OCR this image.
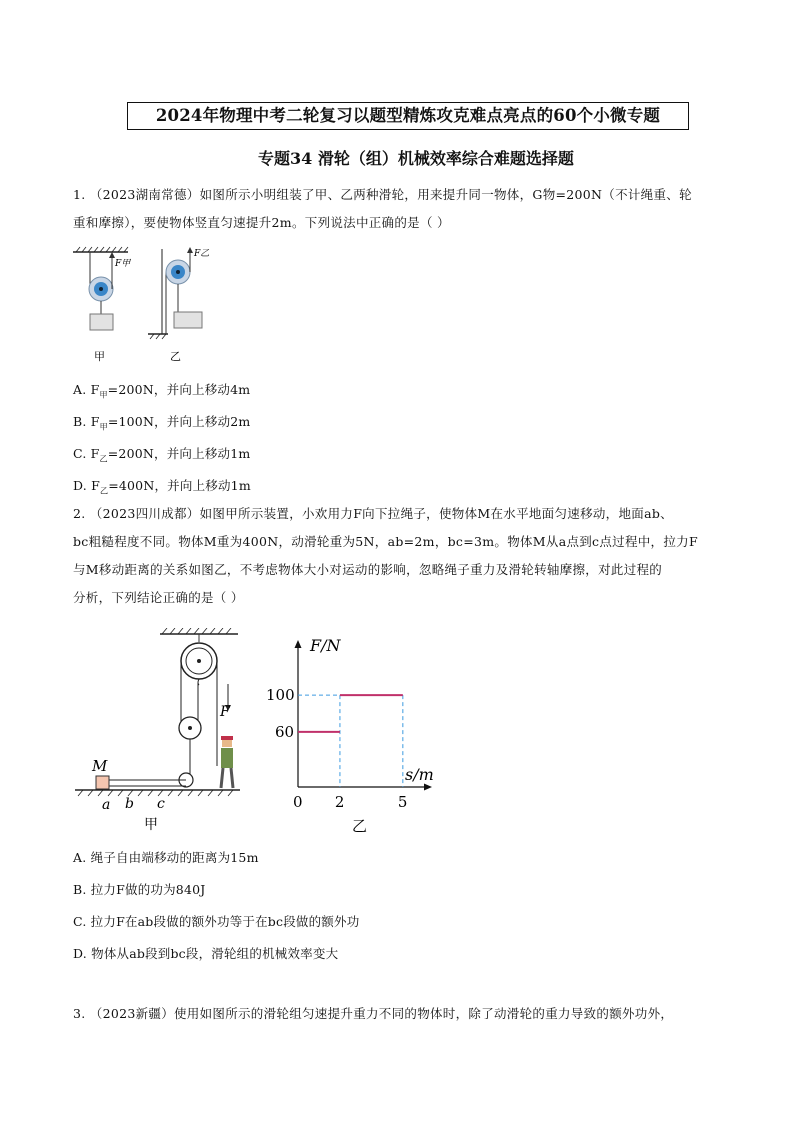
2024年物理中考二轮复习以题型精炼攻克难点亮点的60个小微专题
专题34 滑轮（组）机械效率综合难题选择题
1. （2023湖南常德）如图所示小明组装了甲、乙两种滑轮，用来提升同一物体，G物=200N（不计绳重、轮
重和摩擦），要使物体竖直匀速提升2m。下列说法中正确的是（ ）
F甲
甲
F乙
乙
A. $F_甲=200N$，并向上移动4m
B. $F_甲=100N$，并向上移动2m
C. $F_乙=200N$，并向上移动1m
D. $F_乙=400N$，并向上移动1m
2. （2023四川成都）如图甲所示装置，小欢用力F向下拉绳子，使物体M在水平地面匀速移动，地面ab、
bc粗糙程度不同。物体M重为400N，动滑轮重为5N，ab=2m，bc=3m。物体M从a点到c点过程中，拉力F
与M移动距离的关系如图乙，不考虑物体大小对运动的影响，忽略绳子重力及滑轮转轴摩擦，对此过程的
分析，下列结论正确的是（ ）
F
M
a b c
甲
F/N
s/m
乙
0 2	5
60
100
A. 绳子自由端移动的距离为15m
B. 拉力F做的功为840J
C. 拉力F在ab段做的额外功等于在bc段做的额外功
D. 物体从ab段到bc段，滑轮组的机械效率变大
3. （2023新疆）使用如图所示的滑轮组匀速提升重力不同的物体时，除了动滑轮的重力导致的额外功外，
